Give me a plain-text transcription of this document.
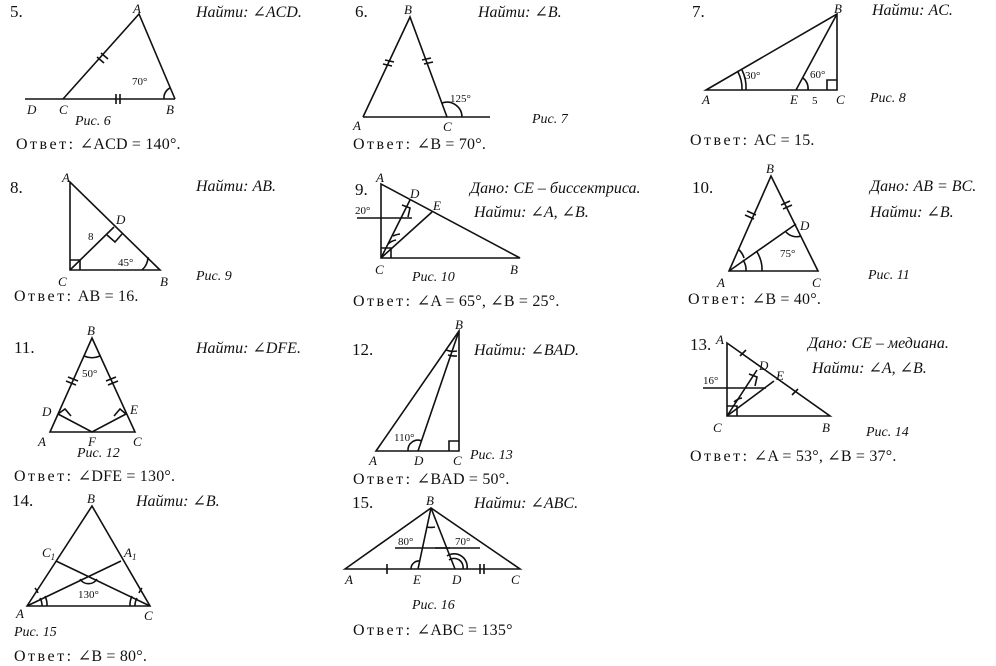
5.	Найти: ∠ACD.
Рис. 6
Ответ: ∠ACD = 140°.
6.	Найти: ∠B.
Рис. 7
Ответ: ∠B = 70°.
7.	Найти: AC.
Рис. 8
Ответ: AC = 15.
8.	Найти: AB.
Рис. 9
Ответ: AB = 16.
9.	Дано: CE – биссектриса.
Найти: ∠A, ∠B.
Рис. 10
Ответ: ∠A = 65°, ∠B = 25°.
10.	Дано: AB = BC.
Найти: ∠B.
Рис. 11
Ответ: ∠B = 40°.
11.	Найти: ∠DFE.
Рис. 12
Ответ: ∠DFE = 130°.
12.	Найти: ∠BAD.
Рис. 13
Ответ: ∠BAD = 50°.
13.	Дано: CE – медиана.
Найти: ∠A, ∠B.
Рис. 14
Ответ: ∠A = 53°, ∠B = 37°.
14.	Найти: ∠B.
Рис. 15
Ответ: ∠B = 80°.
15.	Найти: ∠ABC.
Рис. 16
Ответ: ∠ABC = 135°
70°
A
B
C
D
125°
B
A	C
30°	60°
5
A
B
E	C
8
45°
A
C	B
D
20°
A
D
E
C	B
75°
B
D
A	C
50°
B
D	E
A	F	C	110°
B
A	D C
16°
A
D
E
C	B
130°
B
$C_1$	$A_1$
A	C
80°	70°
B
A	E D	C
